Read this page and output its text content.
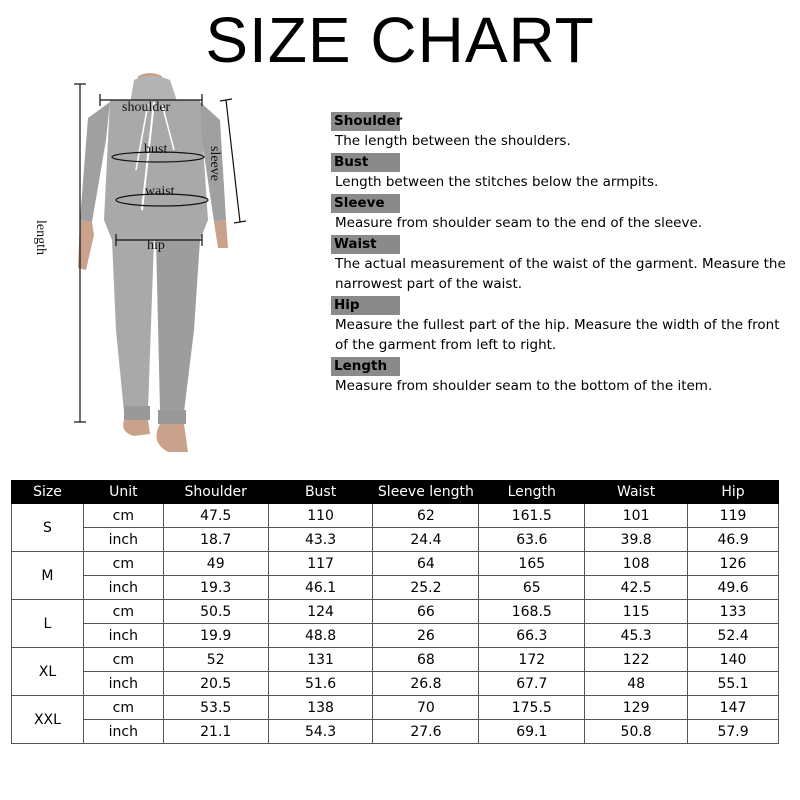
SIZE CHART
shoulder
bust
waist
hip
sleeve
length
Shoulder
The length between the shoulders.
Bust
Length between the stitches below the armpits.
Sleeve
Measure from shoulder seam to the end of the sleeve.
Waist
The actual measurement of the waist of the garment. Measure the narrowest part of the waist.
Hip
Measure the fullest part of the hip. Measure the width of the front of the garment from left to right.
Length
Measure from shoulder seam to the bottom of the item.
Size	Unit	Shoulder	Bust	Sleeve length	Length	Waist	Hip
S	cm	47.5	110	62	161.5	101	119
	inch	18.7	43.3	24.4	63.6	39.8	46.9
M	cm	49	117	64	165	108	126
	inch	19.3	46.1	25.2	65	42.5	49.6
L	cm	50.5	124	66	168.5	115	133
	inch	19.9	48.8	26	66.3	45.3	52.4
XL	cm	52	131	68	172	122	140
	inch	20.5	51.6	26.8	67.7	48	55.1
XXL	cm	53.5	138	70	175.5	129	147
	inch	21.1	54.3	27.6	69.1	50.8	57.9
